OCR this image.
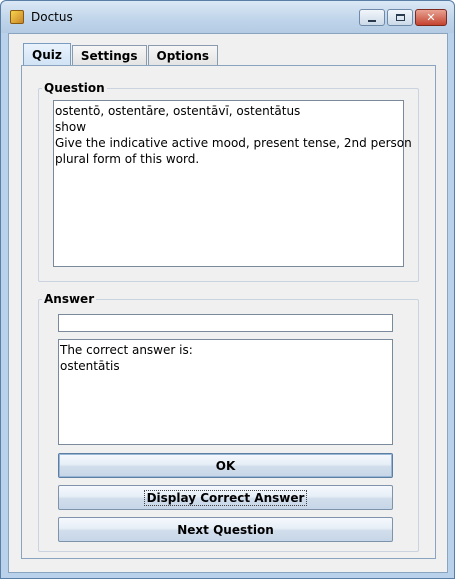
Doctus	✕
Quiz	Settings	Options
Question
ostentō, ostentāre, ostentāvī, ostentātus
show
Give the indicative active mood, present tense, 2nd person
plural form of this word.
Answer
The correct answer is:
ostentātis
OK
Display Correct Answer
Next Question
